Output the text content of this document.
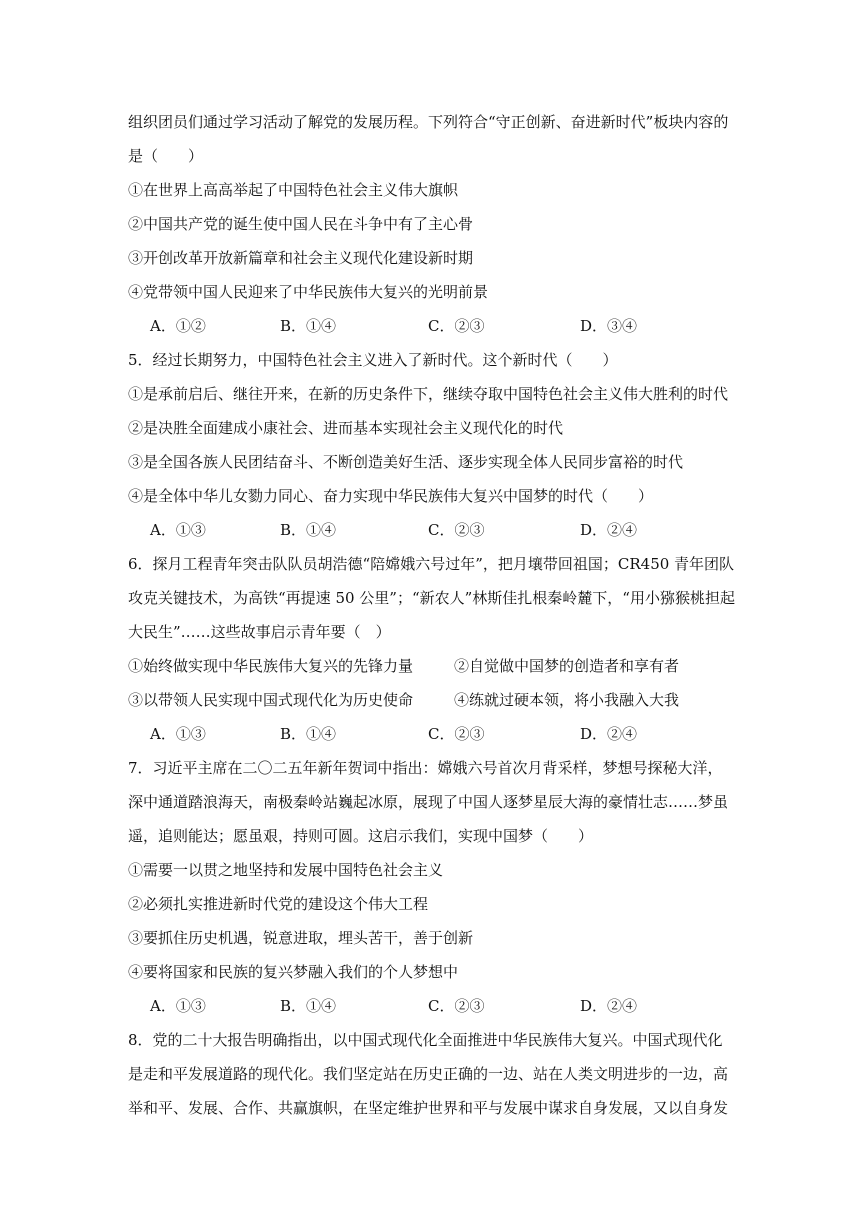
组织团员们通过学习活动了解党的发展历程。下列符合“守正创新、奋进新时代”板块内容的
是（　　）
①在世界上高高举起了中国特色社会主义伟大旗帜
②中国共产党的诞生使中国人民在斗争中有了主心骨
③开创改革开放新篇章和社会主义现代化建设新时期
④党带领中国人民迎来了中华民族伟大复兴的光明前景
A．①②	B．①④	C．②③	D．③④
5．经过长期努力，中国特色社会主义进入了新时代。这个新时代（　　）
①是承前启后、继往开来，在新的历史条件下，继续夺取中国特色社会主义伟大胜利的时代
②是决胜全面建成小康社会、进而基本实现社会主义现代化的时代
③是全国各族人民团结奋斗、不断创造美好生活、逐步实现全体人民同步富裕的时代
④是全体中华儿女勠力同心、奋力实现中华民族伟大复兴中国梦的时代（　　）
A．①③	B．①④	C．②③	D．②④
6．探月工程青年突击队队员胡浩德“陪嫦娥六号过年”，把月壤带回祖国；CR450 青年团队
攻克关键技术，为高铁“再提速 50 公里”；“新农人”林斯佳扎根秦岭麓下，“用小猕猴桃担起
大民生”……这些故事启示青年要（　）
①始终做实现中华民族伟大复兴的先锋力量	②自觉做中国梦的创造者和享有者
③以带领人民实现中国式现代化为历史使命	④练就过硬本领，将小我融入大我
A．①③	B．①④	C．②③	D．②④
7．习近平主席在二〇二五年新年贺词中指出：嫦娥六号首次月背采样，梦想号探秘大洋，
深中通道踏浪海天，南极秦岭站巍起冰原，展现了中国人逐梦星辰大海的豪情壮志……梦虽
遥，追则能达；愿虽艰，持则可圆。这启示我们，实现中国梦（　　）
①需要一以贯之地坚持和发展中国特色社会主义
②必须扎实推进新时代党的建设这个伟大工程
③要抓住历史机遇，锐意进取，埋头苦干，善于创新
④要将国家和民族的复兴梦融入我们的个人梦想中
A．①③	B．①④	C．②③	D．②④
8．党的二十大报告明确指出，以中国式现代化全面推进中华民族伟大复兴。中国式现代化
是走和平发展道路的现代化。我们坚定站在历史正确的一边、站在人类文明进步的一边，高
举和平、发展、合作、共赢旗帜，在坚定维护世界和平与发展中谋求自身发展，又以自身发
